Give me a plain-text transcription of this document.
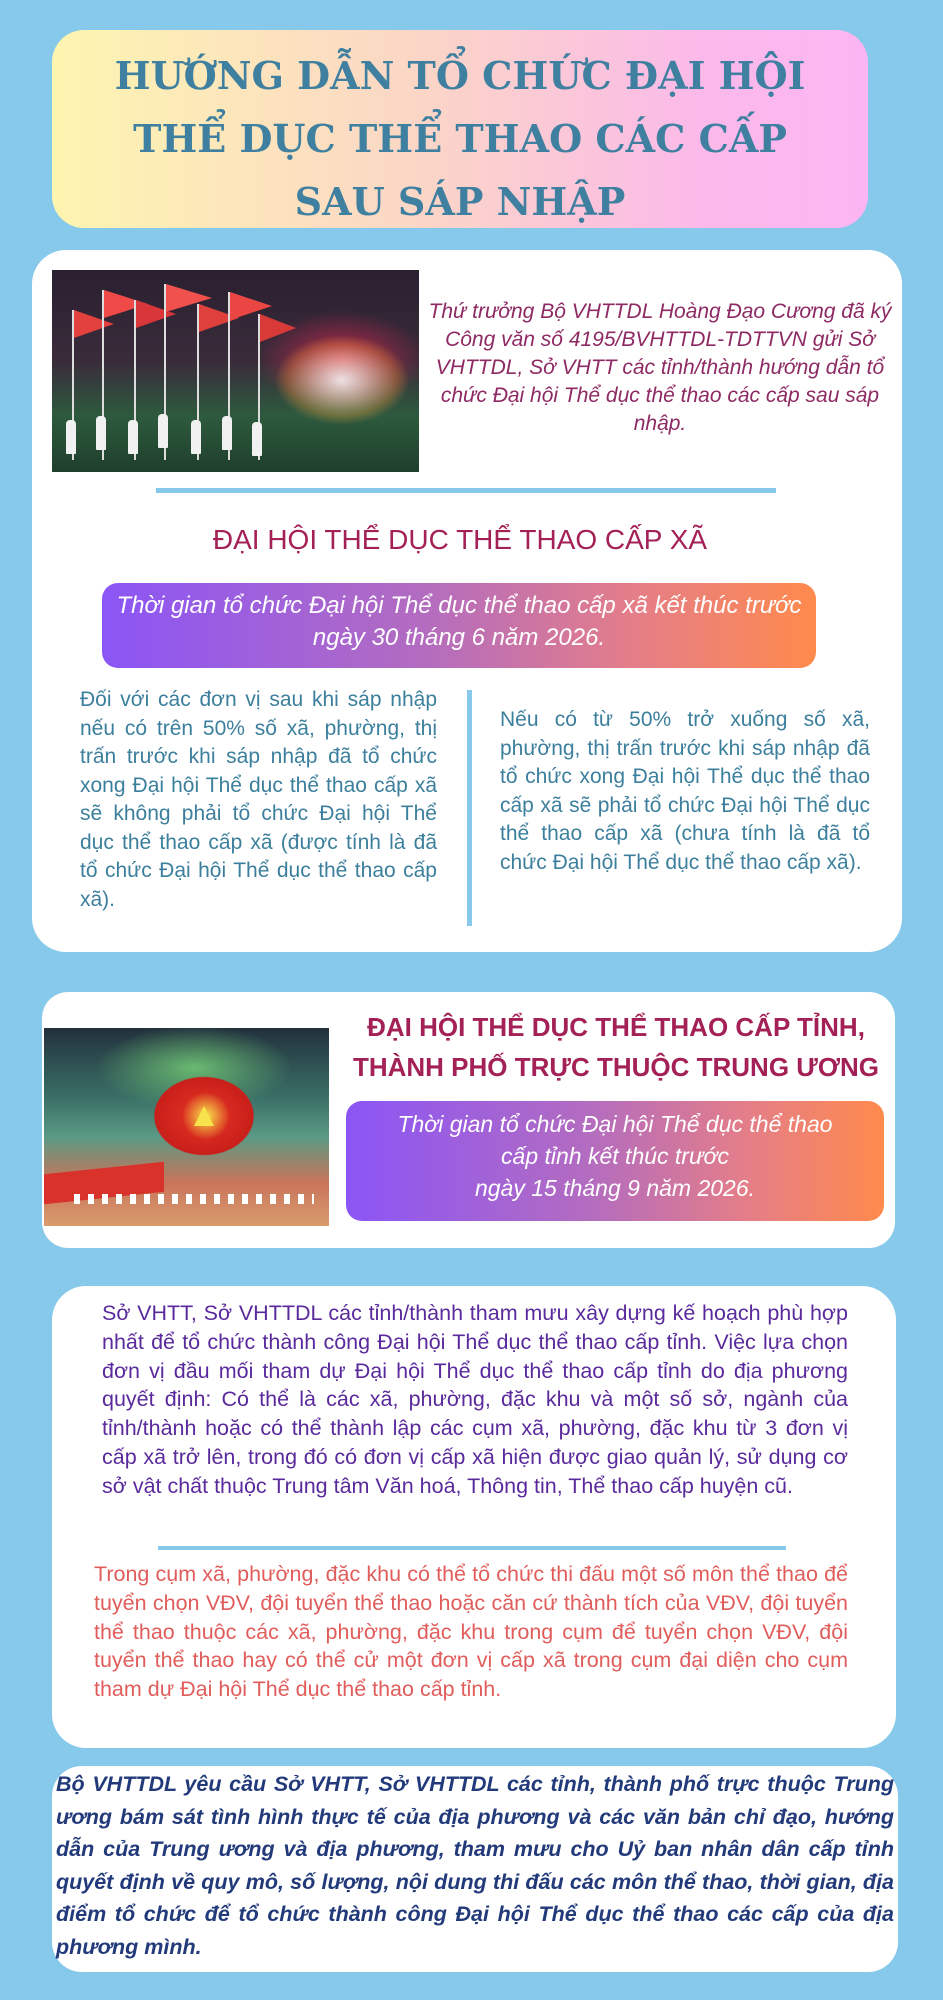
HƯỚNG DẪN TỔ CHỨC ĐẠI HỘI
THỂ DỤC THỂ THAO CÁC CẤP
SAU SÁP NHẬP
Thứ trưởng Bộ VHTTDL Hoàng Đạo Cương đã ký Công văn số 4195/BVHTTDL-TDTTVN gửi Sở VHTTDL, Sở VHTT các tỉnh/thành hướng dẫn tổ chức Đại hội Thể dục thể thao các cấp sau sáp nhập.
ĐẠI HỘI THỂ DỤC THỂ THAO CẤP XÃ
Thời gian tổ chức Đại hội Thể dục thể thao cấp xã kết thúc trước ngày 30 tháng 6 năm 2026.
Đối với các đơn vị sau khi sáp nhập nếu có trên 50% số xã, phường, thị trấn trước khi sáp nhập đã tổ chức xong Đại hội Thể dục thể thao cấp xã sẽ không phải tổ chức Đại hội Thể dục thể thao cấp xã (được tính là đã tổ chức Đại hội Thể dục thể thao cấp xã).
Nếu có từ 50% trở xuống số xã, phường, thị trấn trước khi sáp nhập đã tổ chức xong Đại hội Thể dục thể thao cấp xã sẽ phải tổ chức Đại hội Thể dục thể thao cấp xã (chưa tính là đã tổ chức Đại hội Thể dục thể thao cấp xã).
ĐẠI HỘI THỂ DỤC THỂ THAO CẤP TỈNH,
THÀNH PHỐ TRỰC THUỘC TRUNG ƯƠNG
Thời gian tổ chức Đại hội Thể dục thể thao
cấp tỉnh kết thúc trước
ngày 15 tháng 9 năm 2026.
Sở VHTT, Sở VHTTDL các tỉnh/thành tham mưu xây dựng kế hoạch phù hợp nhất để tổ chức thành công Đại hội Thể dục thể thao cấp tỉnh. Việc lựa chọn đơn vị đầu mối tham dự Đại hội Thể dục thể thao cấp tỉnh do địa phương quyết định: Có thể là các xã, phường, đặc khu và một số sở, ngành của tỉnh/thành hoặc có thể thành lập các cụm xã, phường, đặc khu từ 3 đơn vị cấp xã trở lên, trong đó có đơn vị cấp xã hiện được giao quản lý, sử dụng cơ sở vật chất thuộc Trung tâm Văn hoá, Thông tin, Thể thao cấp huyện cũ.
Trong cụm xã, phường, đặc khu có thể tổ chức thi đấu một số môn thể thao để tuyển chọn VĐV, đội tuyển thể thao hoặc căn cứ thành tích của VĐV, đội tuyển thể thao thuộc các xã, phường, đặc khu trong cụm để tuyển chọn VĐV, đội tuyển thể thao hay có thể cử một đơn vị cấp xã trong cụm đại diện cho cụm tham dự Đại hội Thể dục thể thao cấp tỉnh.
Bộ VHTTDL yêu cầu Sở VHTT, Sở VHTTDL các tỉnh, thành phố trực thuộc Trung ương bám sát tình hình thực tế của địa phương và các văn bản chỉ đạo, hướng dẫn của Trung ương và địa phương, tham mưu cho Uỷ ban nhân dân cấp tỉnh quyết định về quy mô, số lượng, nội dung thi đấu các môn thể thao, thời gian, địa điểm tổ chức để tổ chức thành công Đại hội Thể dục thể thao các cấp của địa phương mình.
